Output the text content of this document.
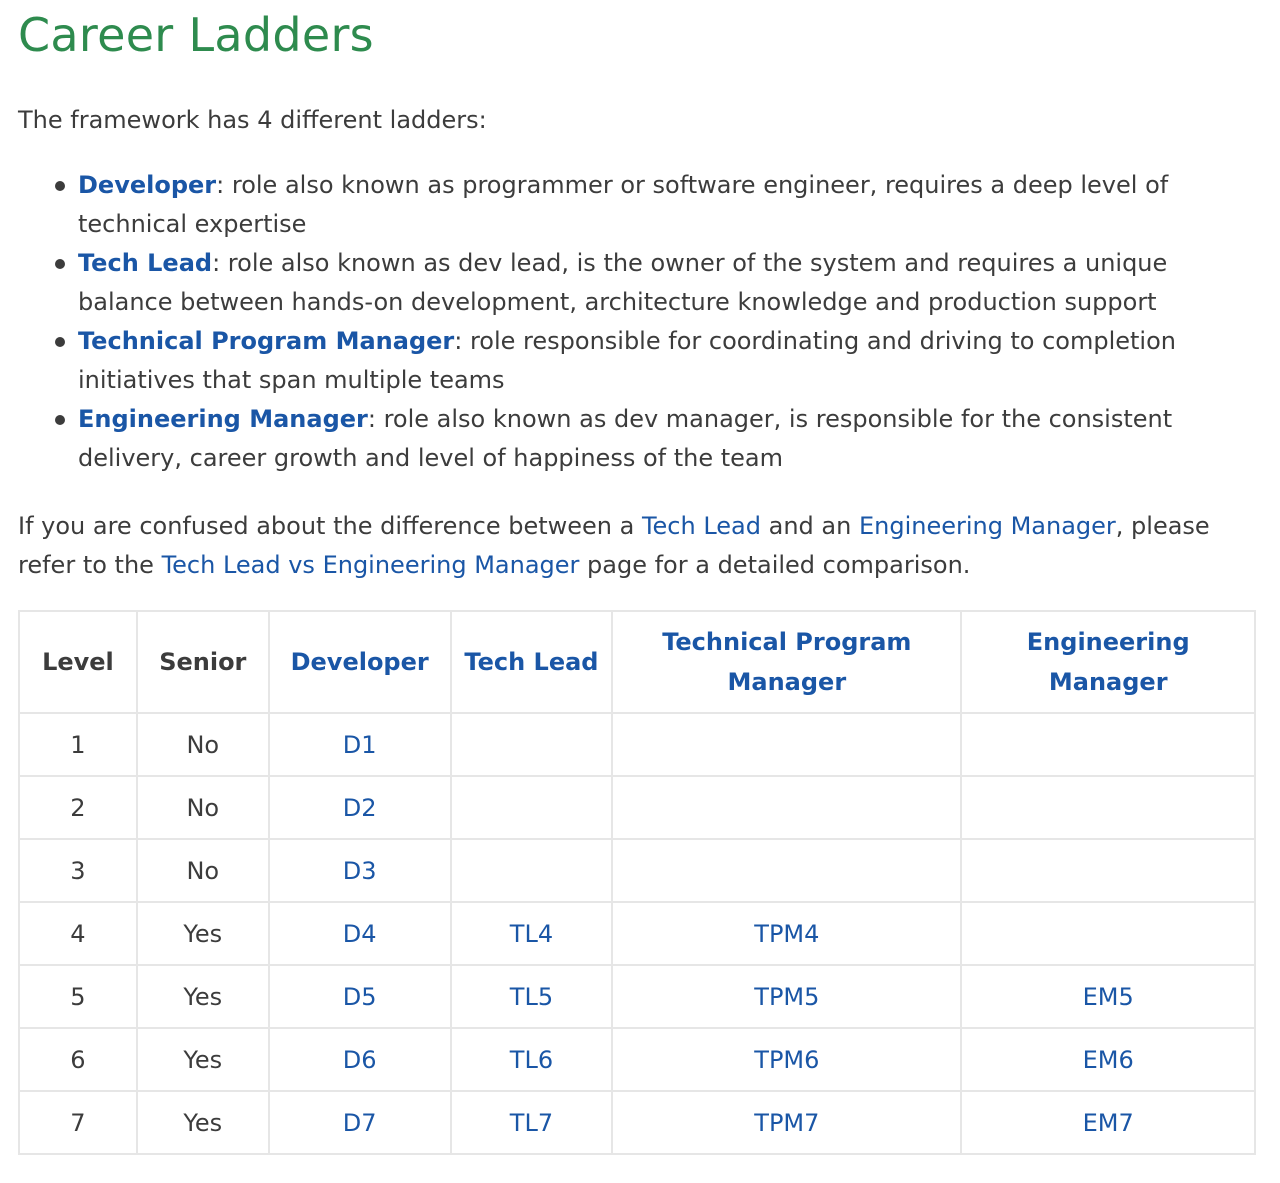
Career Ladders

The framework has 4 different ladders:

Developer: role also known as programmer or software engineer, requires a deep level of technical expertise
Tech Lead: role also known as dev lead, is the owner of the system and requires a unique balance between hands-on development, architecture knowledge and production support
Technical Program Manager: role responsible for coordinating and driving to completion initiatives that span multiple teams
Engineering Manager: role also known as dev manager, is responsible for the consistent delivery, career growth and level of happiness of the team

If you are confused about the difference between a Tech Lead and an Engineering Manager, please refer to the Tech Lead vs Engineering Manager page for a detailed comparison.

Level	Senior	Developer	Tech Lead	Technical Program Manager	Engineering Manager
1	No	D1			
2	No	D2			
3	No	D3			
4	Yes	D4	TL4	TPM4	
5	Yes	D5	TL5	TPM5	EM5
6	Yes	D6	TL6	TPM6	EM6
7	Yes	D7	TL7	TPM7	EM7
